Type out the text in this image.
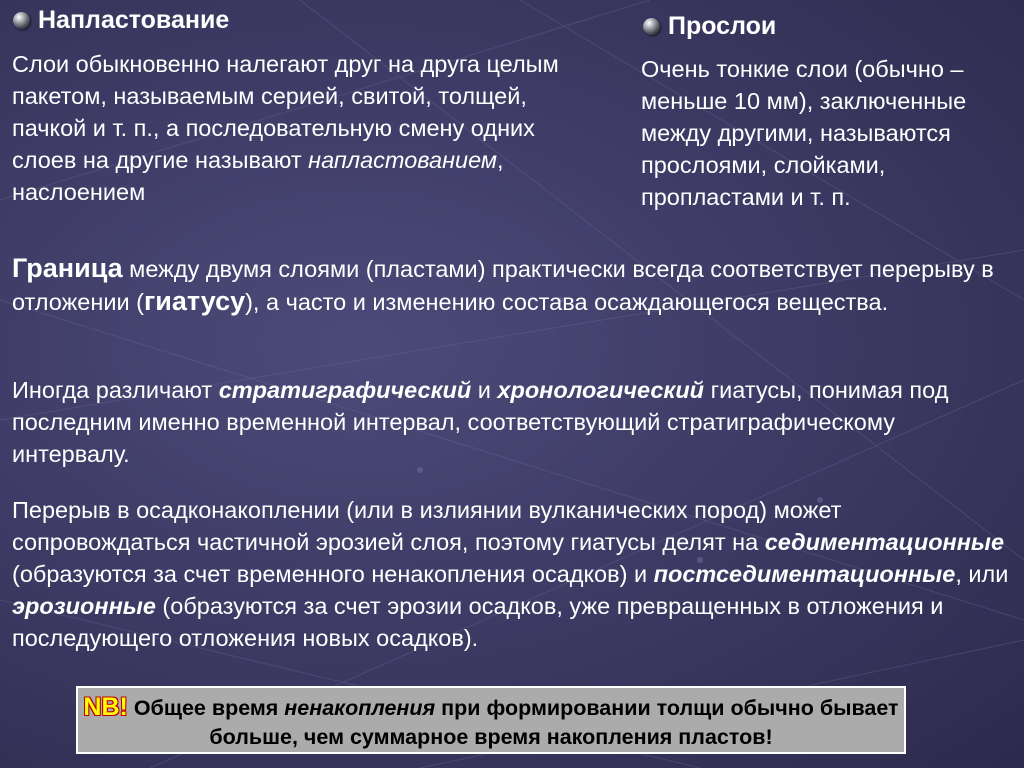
Напластование
Слои обыкновенно налегают друг на друга целым пакетом, называемым серией, свитой, толщей, пачкой и т. п., а последовательную смену одних слоев на другие называют напластованием, наслоением
Прослои
Очень тонкие слои (обычно – меньше 10 мм), заключенные между другими, называются прослоями, слойками, пропластами и т. п.
Граница между двумя слоями (пластами) практически всегда соответствует перерыву в отложении (гиатусу), а часто и изменению состава осаждающегося вещества.
Иногда различают стратиграфический и хронологический гиатусы, понимая под последним именно временной интервал, соответствующий стратиграфическому интервалу.
Перерыв в осадконакоплении (или в излиянии вулканических пород) может сопровождаться частичной эрозией слоя, поэтому гиатусы делят на седиментационные (образуются за счет временного ненакопления осадков) и постседиментационные, или эрозионные (образуются за счет эрозии осадков, уже превращенных в отложения и последующего отложения новых осадков).
NB! Общее время ненакопления при формировании толщи обычно бывает больше, чем суммарное время накопления пластов!
